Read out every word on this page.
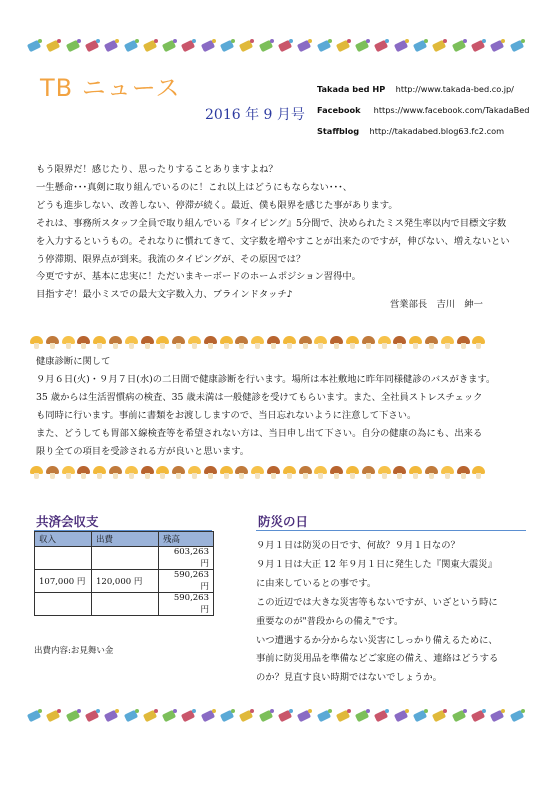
TB ニュース
2016 年 9 月号
Takada bed HP http://www.takada-bed.co.jp/
Facebook https://www.facebook.com/TakadaBed
Staffblog http://takadabed.blog63.fc2.com

もう限界だ！感じたり、思ったりすることありますよね？

一生懸命･･･真剣に取り組んでいるのに！これ以上はどうにもならない･･･、

どうも進歩しない、改善しない、停滞が続く。最近、僕も限界を感じた事があります。

それは、事務所スタッフ全員で取り組んでいる『タイピング』5分間で、決められたミス発生率以内で目標文字数

を入力するというもの。それなりに慣れてきて、文字数を増やすことが出来たのですが，伸びない、増えないとい

う停滞期、限界点が到来。我流のタイピングが、その原因では？

今更ですが、基本に忠実に！ただいまキーボードのホームポジション習得中。

目指すぞ！最小ミスでの最大文字数入力、ブラインドタッチ♪

営業部長　吉川　紳一

健康診断に関して

９月６日(火)・９月７日(水)の二日間で健康診断を行います。場所は本社敷地に昨年同様健診のバスがきます。

35 歳からは生活習慣病の検査、35 歳未満は一般健診を受けてもらいます。また、全社員ストレスチェック

も同時に行います。事前に書類をお渡ししますので、当日忘れないように注意して下さい。

また、どうしても胃部Ｘ線検査等を希望されない方は、当日申し出て下さい。自分の健康の為にも、出来る

限り全ての項目を受診される方が良いと思います。

共済会収支
収入	出費	残高
		603,263 円
107,000 円	120,000 円	590,263 円
		590,263 円
出費内容:お見舞い金
防災の日

９月１日は防災の日です、何故？９月１日なの？

９月１日は大正 12 年９月１日に発生した『関東大震災』

に由来しているとの事です。

この近辺では大きな災害等もないですが、いざという時に

重要なのが"普段からの備え"です。

いつ遭遇するか分からない災害にしっかり備えるために、

事前に防災用品を準備などご家庭の備え、連絡はどうする

のか？見直す良い時期ではないでしょうか。
